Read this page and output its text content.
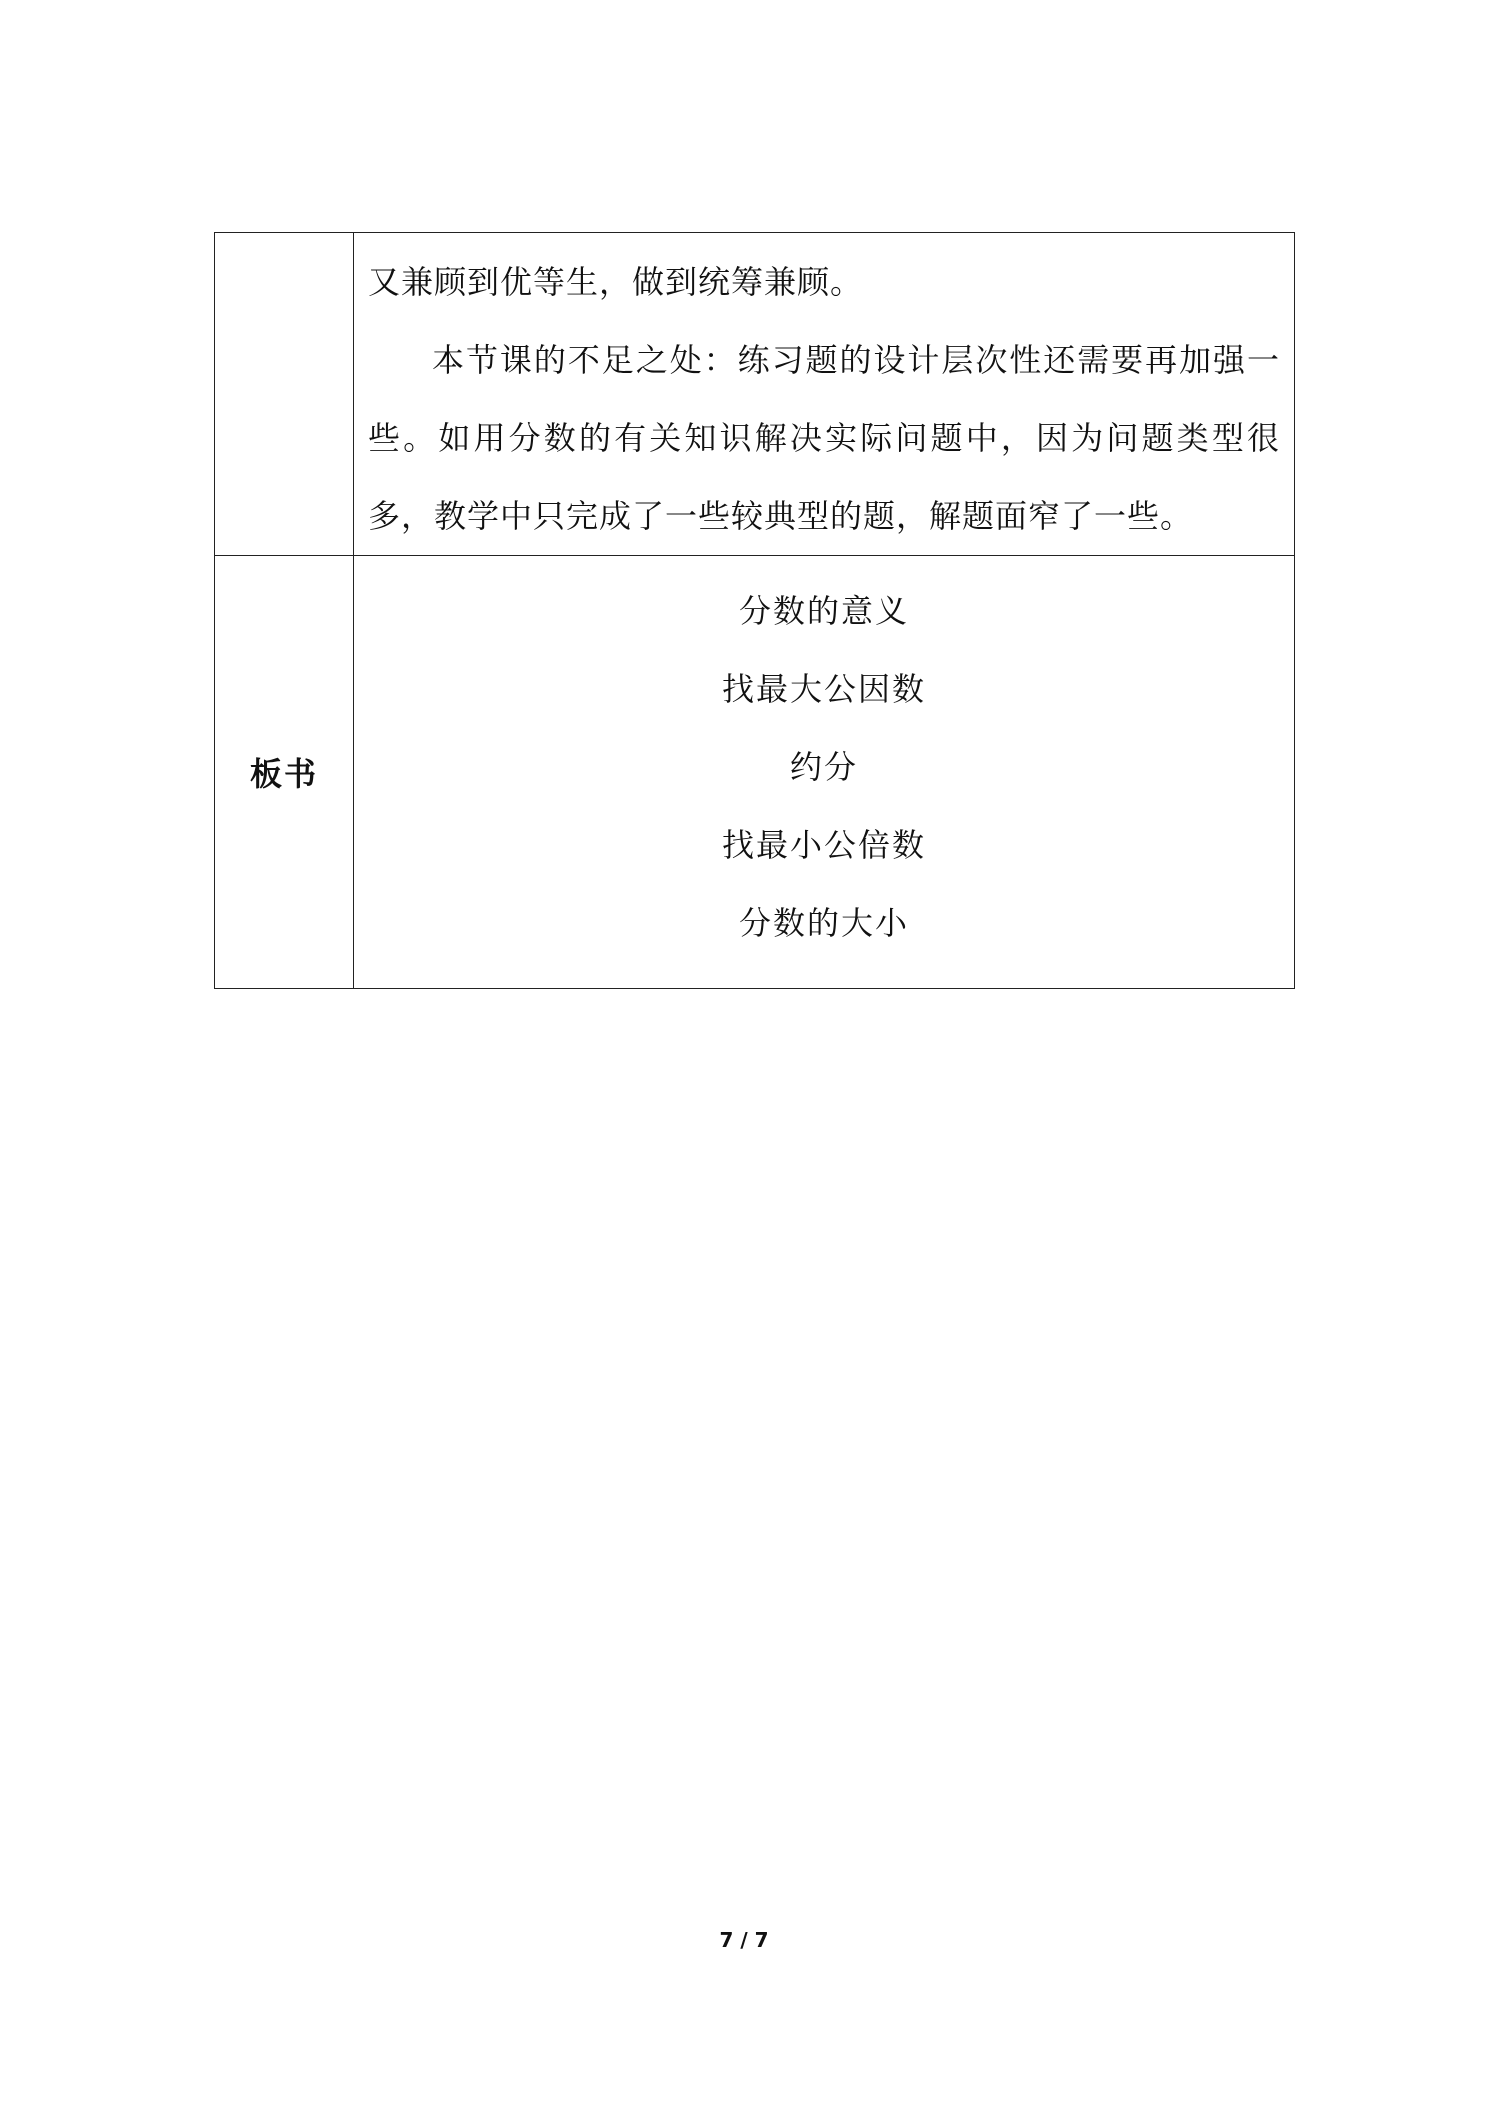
	又兼顾到优等生，做到统筹兼顾。

本节课的不足之处：练习题的设计层次性还需要再加强一些。如用分数的有关知识解决实际问题中，因为问题类型很多，教学中只完成了一些较典型的题，解题面窄了一些。

板书	分数的意义
找最大公因数
约分
找最小公倍数
分数的大小
7 / 7
